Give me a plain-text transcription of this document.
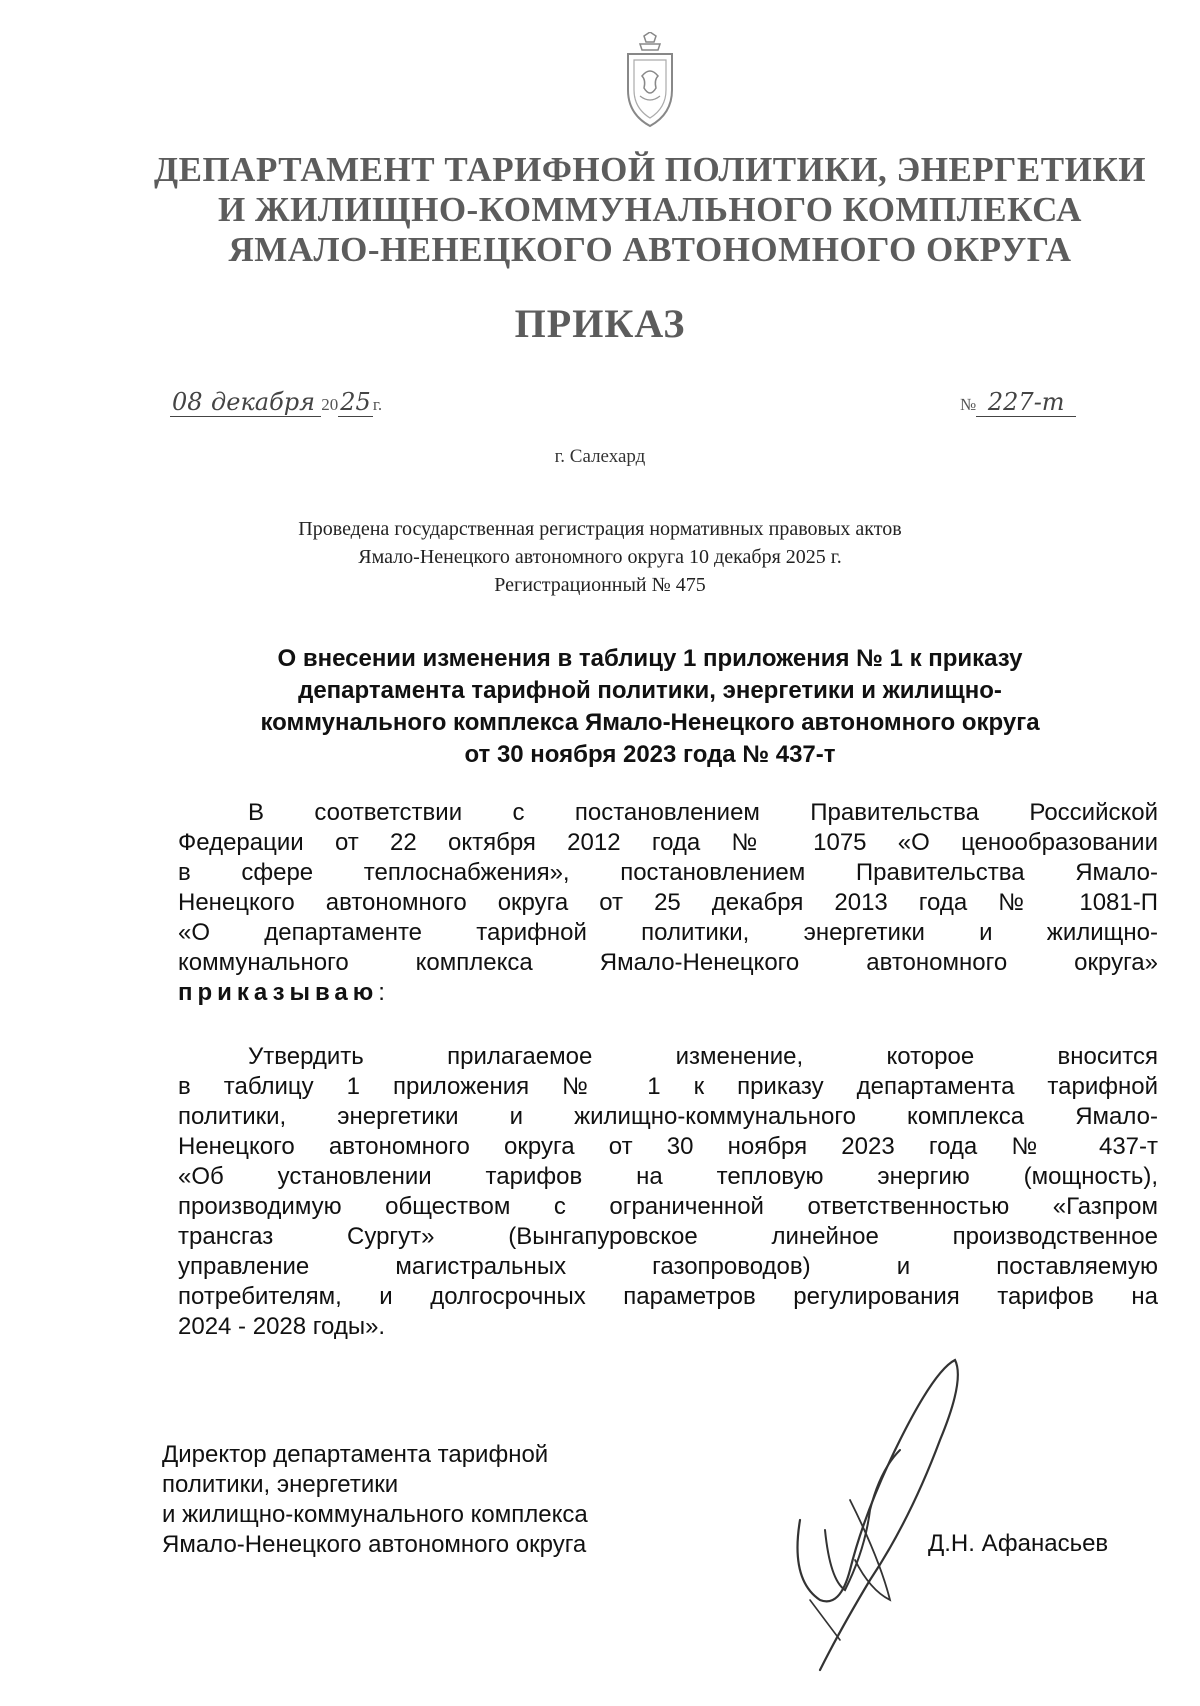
ДЕПАРТАМЕНТ ТАРИФНОЙ ПОЛИТИКИ, ЭНЕРГЕТИКИ
И ЖИЛИЩНО-КОММУНАЛЬНОГО КОМПЛЕКСА
ЯМАЛО-НЕНЕЦКОГО АВТОНОМНОГО ОКРУГА
ПРИКАЗ
08 декабря 2025 г.	№ 227-т
г. Салехард
Проведена государственная регистрация нормативных правовых актов
Ямало-Ненецкого автономного округа 10 декабря 2025 г.
Регистрационный № 475
О внесении изменения в таблицу 1 приложения № 1 к приказу
департамента тарифной политики, энергетики и жилищно-
коммунального комплекса Ямало-Ненецкого автономного округа
от 30 ноября 2023 года № 437-т
В соответствии с постановлением Правительства Российской
Федерации от 22 октября 2012 года № 1075 «О ценообразовании
в сфере теплоснабжения», постановлением Правительства Ямало-
Ненецкого автономного округа от 25 декабря 2013 года № 1081-П
«О департаменте тарифной политики, энергетики и жилищно-
коммунального комплекса Ямало-Ненецкого автономного округа»
приказываю:
Утвердить прилагаемое изменение, которое вносится
в таблицу 1 приложения № 1 к приказу департамента тарифной
политики, энергетики и жилищно-коммунального комплекса Ямало-
Ненецкого автономного округа от 30 ноября 2023 года № 437-т
«Об установлении тарифов на тепловую энергию (мощность),
производимую обществом с ограниченной ответственностью «Газпром
трансгаз Сургут» (Вынгапуровское линейное производственное
управление магистральных газопроводов) и поставляемую
потребителям, и долгосрочных параметров регулирования тарифов на
2024 - 2028 годы».
Директор департамента тарифной
политики, энергетики
и жилищно-коммунального комплекса
Ямало-Ненецкого автономного округа	Д.Н. Афанасьев
